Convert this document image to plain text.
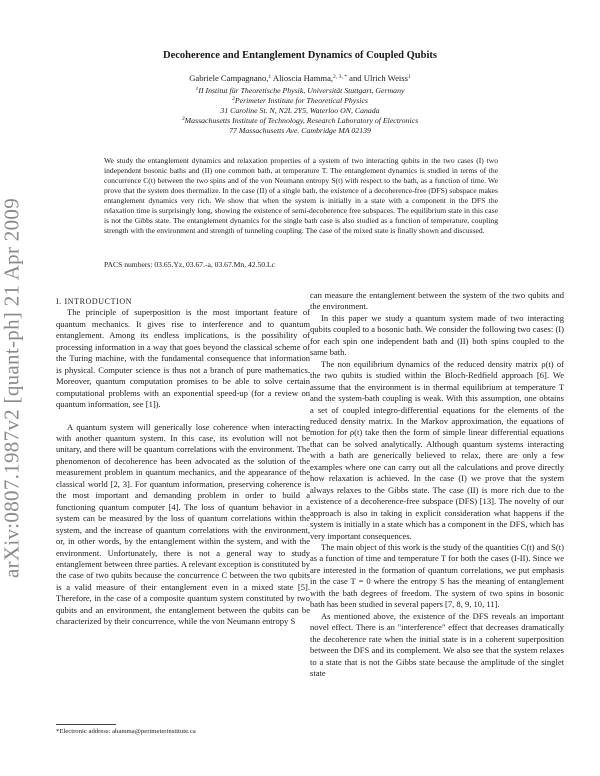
arXiv:0807.1987v2 [quant-ph] 21 Apr 2009
Decoherence and Entanglement Dynamics of Coupled Qubits
Gabriele Campagnano,$^1$ Alioscia Hamma,$^{2, 3, *}$ and Ulrich Weiss$^1$
$^1$II Institut für Theoretische Physik, Universität Stuttgart, Germany
$^2$Perimeter Institute for Theoretical Physics
31 Caroline St. N, N2L 2Y5, Waterloo ON, Canada
$^3$Massachusetts Institute of Technology, Research Laboratory of Electronics
77 Massachusetts Ave. Cambridge MA 02139
We study the entanglement dynamics and relaxation properties of a system of two interacting qubits in the two cases (I) two independent bosonic baths and (II) one common bath, at temperature T. The entanglement dynamics is studied in terms of the concurrence C(t) between the two spins and of the von Neumann entropy S(t) with respect to the bath, as a function of time. We prove that the system does thermalize. In the case (II) of a single bath, the existence of a decoherence-free (DFS) subspace makes entanglement dynamics very rich. We show that when the system is initially in a state with a component in the DFS the relaxation time is surprisingly long, showing the existence of semi-decoherence free subspaces. The equilibrium state in this case is not the Gibbs state. The entanglement dynamics for the single bath case is also studied as a function of temperature, coupling strength with the environment and strength of tunneling coupling. The case of the mixed state is finally shown and discussed.
PACS numbers: 03.65.Yz, 03.67.-a, 03.67.Mn, 42.50.Lc

I. INTRODUCTION

The principle of superposition is the most important feature of quantum mechanics. It gives rise to interference and to quantum entanglement. Among its endless implications, is the possibility of processing information in a way that goes beyond the classical scheme of the Turing machine, with the fundamental consequence that information is physical. Computer science is thus not a branch of pure mathematics. Moreover, quantum computation promises to be able to solve certain computational problems with an exponential speed-up (for a review on quantum information, see [1]).

A quantum system will generically lose coherence when interacting with another quantum system. In this case, its evolution will not be unitary, and there will be quantum correlations with the environment. The phenomenon of decoherence has been advocated as the solution of the measurement problem in quantum mechanics, and the appearance of the classical world [2, 3]. For quantum information, preserving coherence is the most important and demanding problem in order to build a functioning quantum computer [4]. The loss of quantum behavior in a system can be measured by the loss of quantum correlations within the system, and the increase of quantum correlations with the environment, or, in other words, by the entanglement within the system, and with the environment. Unfortunately, there is not a general way to study entanglement between three parties. A relevant exception is constituted by the case of two qubits because the concurrence C between the two qubits is a valid measure of their entanglement even in a mixed state [5]. Therefore, in the case of a composite quantum system constituted by two qubits and an environment, the entanglement between the qubits can be characterized by their concurrence, while the von Neumann entropy S

can measure the entanglement between the system of the two qubits and the environment.

In this paper we study a quantum system made of two interacting qubits coupled to a bosonic bath. We consider the following two cases: (I) for each spin one independent bath and (II) both spins coupled to the same bath.

The non equilibrium dynamics of the reduced density matrix ρ(t) of the two qubits is studied within the Bloch-Redfield approach [6]. We assume that the environment is in thermal equilibrium at temperature T and the system-bath coupling is weak. With this assumption, one obtains a set of coupled integro-differential equations for the elements of the reduced density matrix. In the Markov approximation, the equations of motion for ρ(t) take then the form of simple linear differential equations that can be solved analytically. Although quantum systems interacting with a bath are generically believed to relax, there are only a few examples where one can carry out all the calculations and prove directly how relaxation is achieved. In the case (I) we prove that the system always relaxes to the Gibbs state. The case (II) is more rich due to the existence of a decoherence-free subspace (DFS) [13]. The novelty of our approach is also in taking in explicit consideration what happens if the system is initially in a state which has a component in the DFS, which has very important consequences.

The main object of this work is the study of the quantities C(t) and S(t) as a function of time and temperature T for both the cases (I-II). Since we are interested in the formation of quantum correlations, we put emphasis in the case T = 0 where the entropy S has the meaning of entanglement with the bath degrees of freedom. The system of two spins in bosonic bath has been studied in several papers [7, 8, 9, 10, 11].

As mentioned above, the existence of the DFS reveals an important novel effect. There is an "interference" effect that decreases dramatically the decoherence rate when the initial state is in a coherent superposition between the DFS and its complement. We also see that the system relaxes to a state that is not the Gibbs state because the amplitude of the singlet state

*Electronic address: ahamma@perimeterinstitute.ca
